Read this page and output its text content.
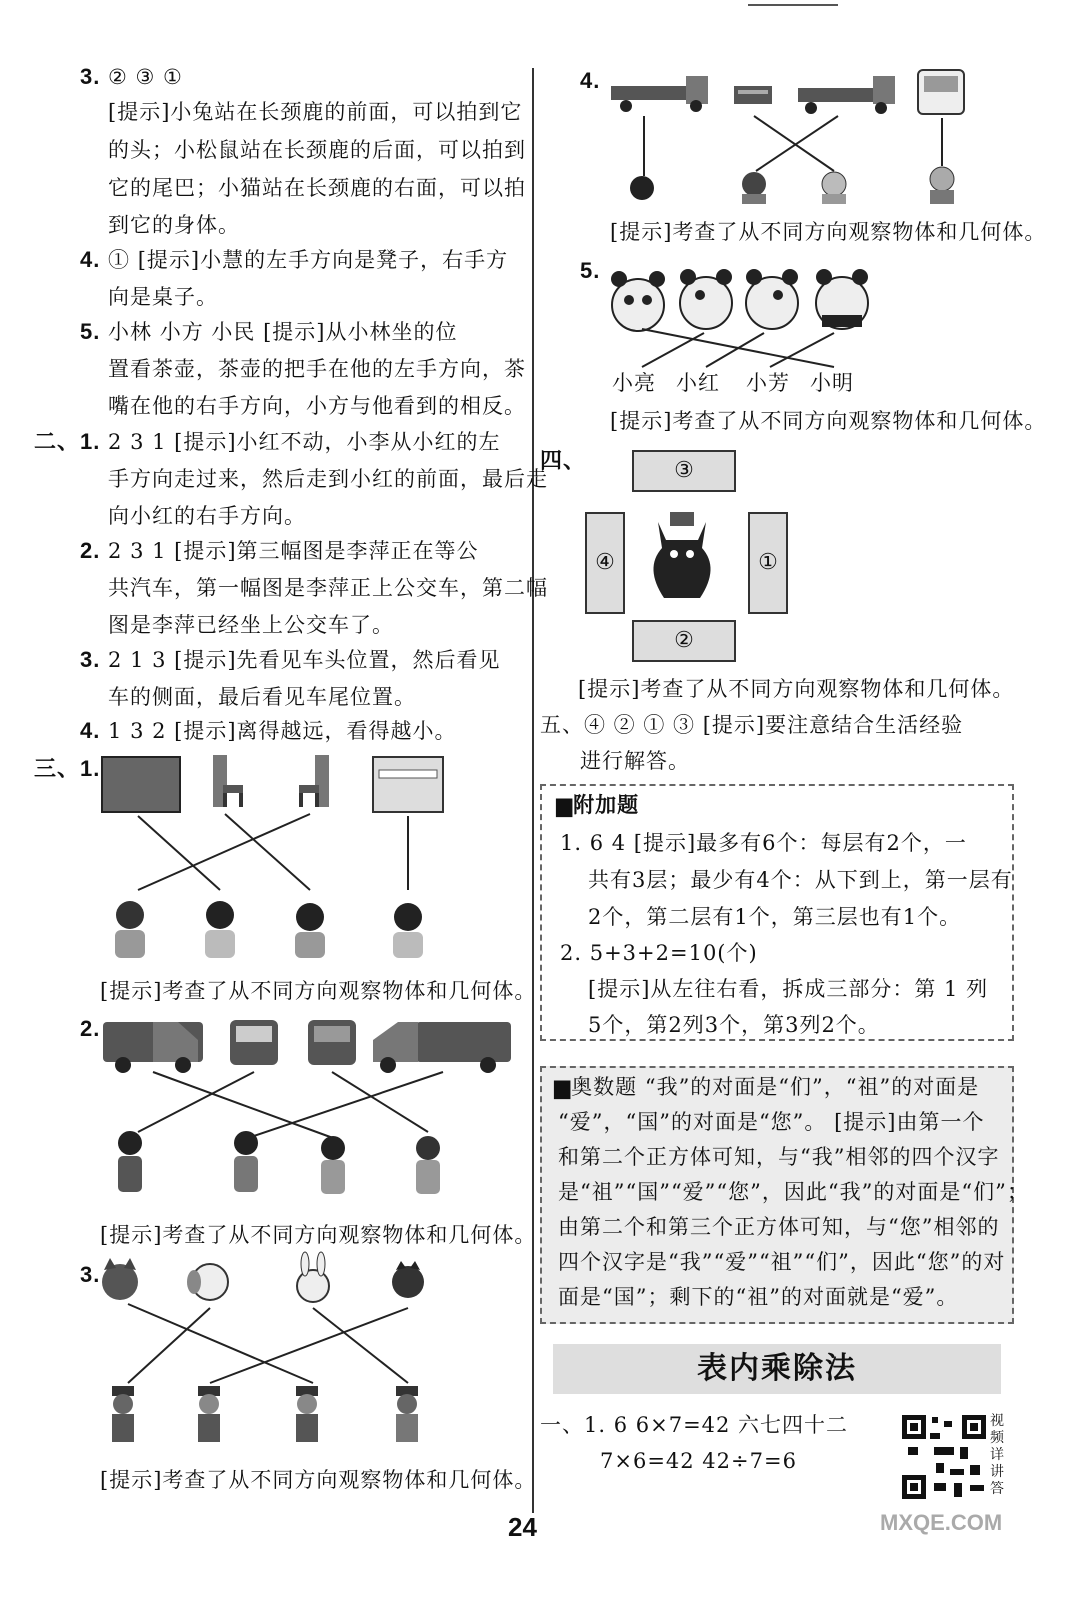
3. ② ③ ①
[提示]小兔站在长颈鹿的前面，可以拍到它
的头；小松鼠站在长颈鹿的后面，可以拍到
它的尾巴；小猫站在长颈鹿的右面，可以拍
到它的身体。
4. ① [提示]小慧的左手方向是凳子，右手方
向是桌子。
5. 小林 小方 小民 [提示]从小林坐的位
置看茶壶，茶壶的把手在他的左手方向，茶
嘴在他的右手方向，小方与他看到的相反。
二、1. 2 3 1 [提示]小红不动，小李从小红的左
手方向走过来，然后走到小红的前面，最后走
向小红的右手方向。
2. 2 3 1 [提示]第三幅图是李萍正在等公
共汽车，第一幅图是李萍正上公交车，第二幅
图是李萍已经坐上公交车了。
3. 2 1 3 [提示]先看见车头位置，然后看见
车的侧面，最后看见车尾位置。
4. 1 3 2 [提示]离得越远，看得越小。
三、1.
[提示]考查了从不同方向观察物体和几何体。
2.
[提示]考查了从不同方向观察物体和几何体。
3.
[提示]考查了从不同方向观察物体和几何体。
4.
[提示]考查了从不同方向观察物体和几何体。
5.
小亮 小红 小芳 小明
[提示]考查了从不同方向观察物体和几何体。
四、	③
④	①
②
[提示]考查了从不同方向观察物体和几何体。
五、④ ② ① ③ [提示]要注意结合生活经验
进行解答。
▆附加题
1. 6 4 [提示]最多有6个：每层有2个，一
共有3层；最少有4个：从下到上，第一层有
2个，第二层有1个，第三层也有1个。
2. 5+3+2=10(个)
[提示]从左往右看，拆成三部分：第 1 列
5个，第2列3个，第3列2个。
▆奥数题 “我”的对面是“们”，“祖”的对面是
“爱”，“国”的对面是“您”。 [提示]由第一个
和第二个正方体可知，与“我”相邻的四个汉字
是“祖”“国”“爱”“您”，因此“我”的对面是“们”；
由第二个和第三个正方体可知，与“您”相邻的
四个汉字是“我”“爱”“祖”“们”，因此“您”的对
面是“国”；剩下的“祖”的对面就是“爱”。
表内乘除法
一、1. 6 6×7=42 六七四十二
7×6=42 42÷7=6
视频详讲答
24	MXQE.COM
